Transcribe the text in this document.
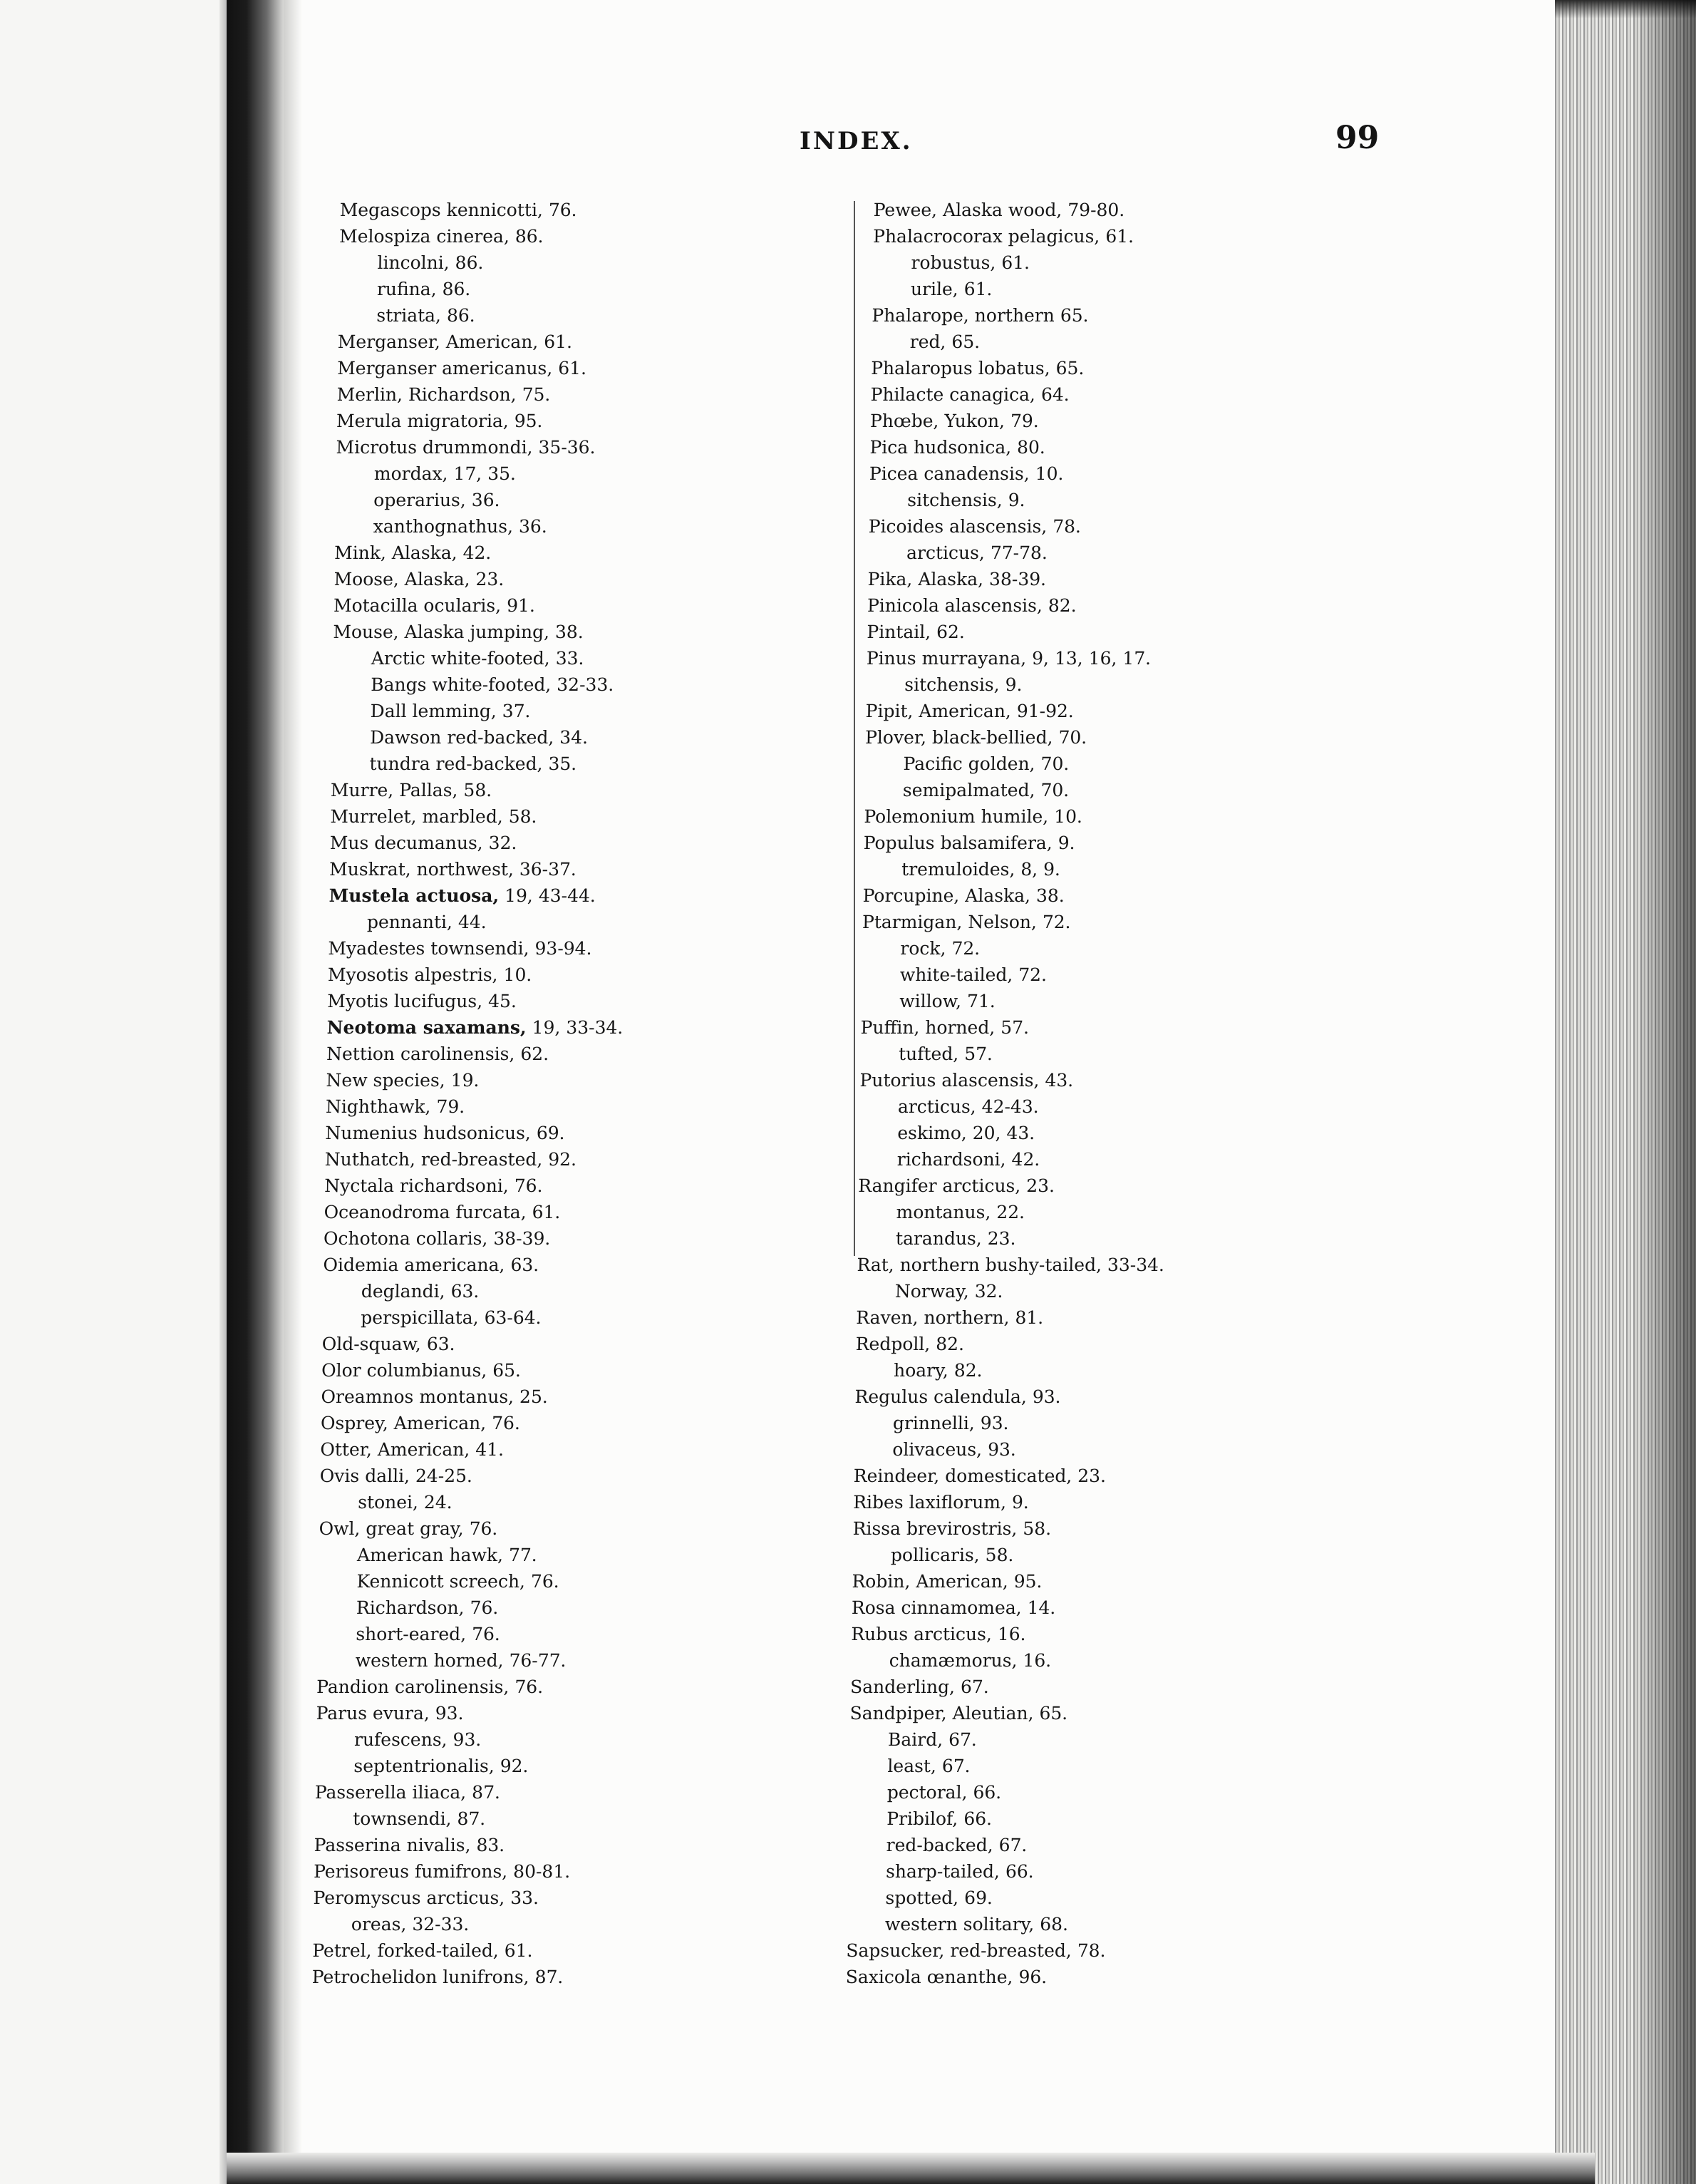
INDEX.	99
Megascops kennicotti, 76.
Melospiza cinerea, 86.
lincolni, 86.
rufina, 86.
striata, 86.
Merganser, American, 61.
Merganser americanus, 61.
Merlin, Richardson, 75.
Merula migratoria, 95.
Microtus drummondi, 35-36.
mordax, 17, 35.
operarius, 36.
xanthognathus, 36.
Mink, Alaska, 42.
Moose, Alaska, 23.
Motacilla ocularis, 91.
Mouse, Alaska jumping, 38.
Arctic white-footed, 33.
Bangs white-footed, 32-33.
Dall lemming, 37.
Dawson red-backed, 34.
tundra red-backed, 35.
Murre, Pallas, 58.
Murrelet, marbled, 58.
Mus decumanus, 32.
Muskrat, northwest, 36-37.
Mustela actuosa, 19, 43-44.
pennanti, 44.
Myadestes townsendi, 93-94.
Myosotis alpestris, 10.
Myotis lucifugus, 45.
Neotoma saxamans, 19, 33-34.
Nettion carolinensis, 62.
New species, 19.
Nighthawk, 79.
Numenius hudsonicus, 69.
Nuthatch, red-breasted, 92.
Nyctala richardsoni, 76.
Oceanodroma furcata, 61.
Ochotona collaris, 38-39.
Oidemia americana, 63.
deglandi, 63.
perspicillata, 63-64.
Old-squaw, 63.
Olor columbianus, 65.
Oreamnos montanus, 25.
Osprey, American, 76.
Otter, American, 41.
Ovis dalli, 24-25.
stonei, 24.
Owl, great gray, 76.
American hawk, 77.
Kennicott screech, 76.
Richardson, 76.
short-eared, 76.
western horned, 76-77.
Pandion carolinensis, 76.
Parus evura, 93.
rufescens, 93.
septentrionalis, 92.
Passerella iliaca, 87.
townsendi, 87.
Passerina nivalis, 83.
Perisoreus fumifrons, 80-81.
Peromyscus arcticus, 33.
oreas, 32-33.
Petrel, forked-tailed, 61.
Petrochelidon lunifrons, 87.
Pewee, Alaska wood, 79-80.
Phalacrocorax pelagicus, 61.
robustus, 61.
urile, 61.
Phalarope, northern 65.
red, 65.
Phalaropus lobatus, 65.
Philacte canagica, 64.
Phœbe, Yukon, 79.
Pica hudsonica, 80.
Picea canadensis, 10.
sitchensis, 9.
Picoides alascensis, 78.
arcticus, 77-78.
Pika, Alaska, 38-39.
Pinicola alascensis, 82.
Pintail, 62.
Pinus murrayana, 9, 13, 16, 17.
sitchensis, 9.
Pipit, American, 91-92.
Plover, black-bellied, 70.
Pacific golden, 70.
semipalmated, 70.
Polemonium humile, 10.
Populus balsamifera, 9.
tremuloides, 8, 9.
Porcupine, Alaska, 38.
Ptarmigan, Nelson, 72.
rock, 72.
white-tailed, 72.
willow, 71.
Puffin, horned, 57.
tufted, 57.
Putorius alascensis, 43.
arcticus, 42-43.
eskimo, 20, 43.
richardsoni, 42.
Rangifer arcticus, 23.
montanus, 22.
tarandus, 23.
Rat, northern bushy-tailed, 33-34.
Norway, 32.
Raven, northern, 81.
Redpoll, 82.
hoary, 82.
Regulus calendula, 93.
grinnelli, 93.
olivaceus, 93.
Reindeer, domesticated, 23.
Ribes laxiflorum, 9.
Rissa brevirostris, 58.
pollicaris, 58.
Robin, American, 95.
Rosa cinnamomea, 14.
Rubus arcticus, 16.
chamæmorus, 16.
Sanderling, 67.
Sandpiper, Aleutian, 65.
Baird, 67.
least, 67.
pectoral, 66.
Pribilof, 66.
red-backed, 67.
sharp-tailed, 66.
spotted, 69.
western solitary, 68.
Sapsucker, red-breasted, 78.
Saxicola œnanthe, 96.
